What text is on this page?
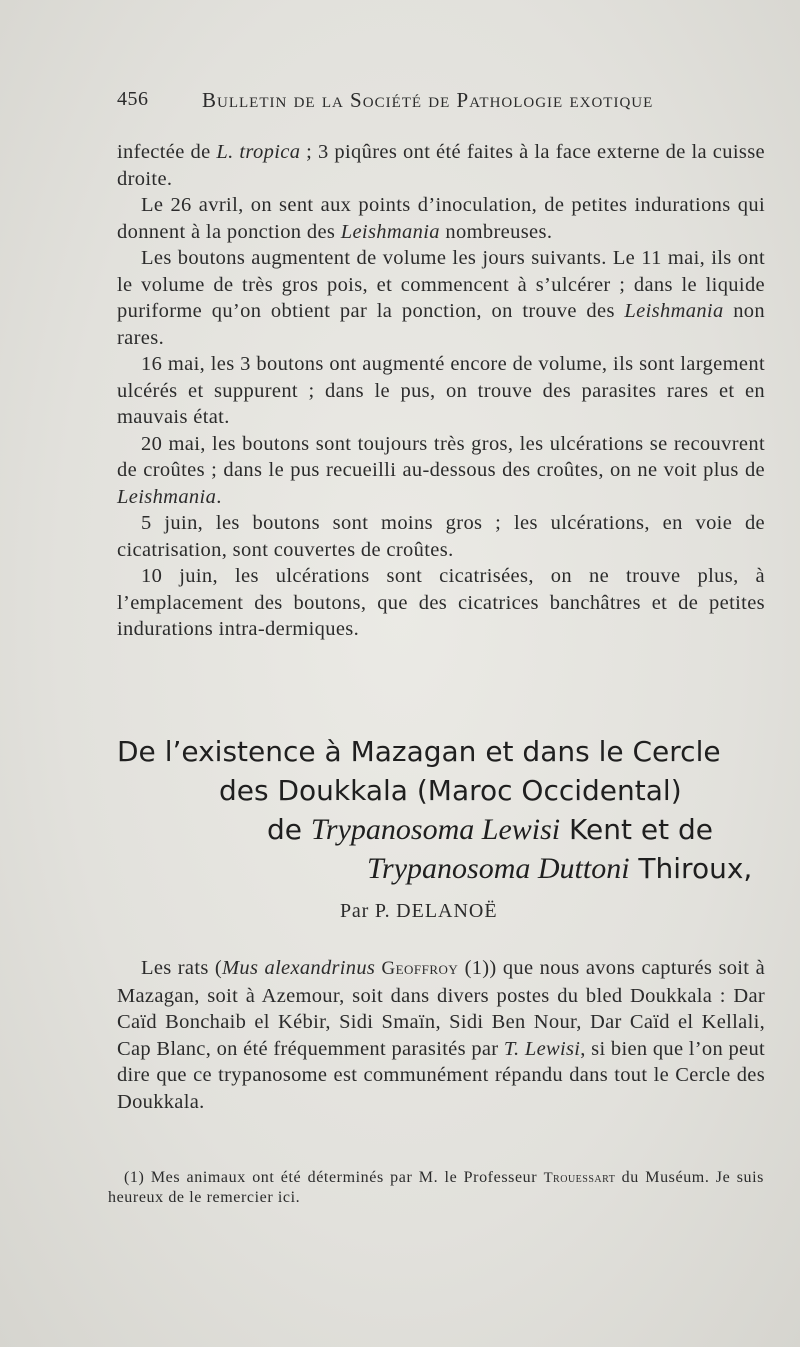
456	Bulletin de la Société de Pathologie exotique

infectée de L. tropica ; 3 piqûres ont été faites à la face externe de la cuisse droite.

Le 26 avril, on sent aux points d’inoculation, de petites indurations qui donnent à la ponction des Leishmania nombreuses.

Les boutons augmentent de volume les jours suivants. Le 11 mai, ils ont le volume de très gros pois, et commencent à s’ulcérer ; dans le liquide puriforme qu’on obtient par la ponction, on trouve des Leishmania non rares.

16 mai, les 3 boutons ont augmenté encore de volume, ils sont largement ulcérés et suppurent ; dans le pus, on trouve des parasites rares et en mauvais état.

20 mai, les boutons sont toujours très gros, les ulcérations se recouvrent de croûtes ; dans le pus recueilli au-dessous des croûtes, on ne voit plus de Leishmania.

5 juin, les boutons sont moins gros ; les ulcérations, en voie de cicatrisation, sont couvertes de croûtes.

10 juin, les ulcérations sont cicatrisées, on ne trouve plus, à l’emplacement des boutons, que des cicatrices banchâtres et de petites indurations intra-dermiques.

De l’existence à Mazagan et dans le Cercle
des Doukkala (Maroc Occidental)
de Trypanosoma Lewisi Kent et de
Trypanosoma Duttoni Thiroux,
Par P. DELANOË

Les rats (Mus alexandrinus Geoffroy (1)) que nous avons capturés soit à Mazagan, soit à Azemour, soit dans divers postes du bled Doukkala : Dar Caïd Bonchaib el Kébir, Sidi Smaïn, Sidi Ben Nour, Dar Caïd el Kellali, Cap Blanc, on été fréquemment parasités par T. Lewisi, si bien que l’on peut dire que ce trypanosome est communément répandu dans tout le Cercle des Doukkala.

(1) Mes animaux ont été déterminés par M. le Professeur Trouessart du Muséum. Je suis heureux de le remercier ici.
